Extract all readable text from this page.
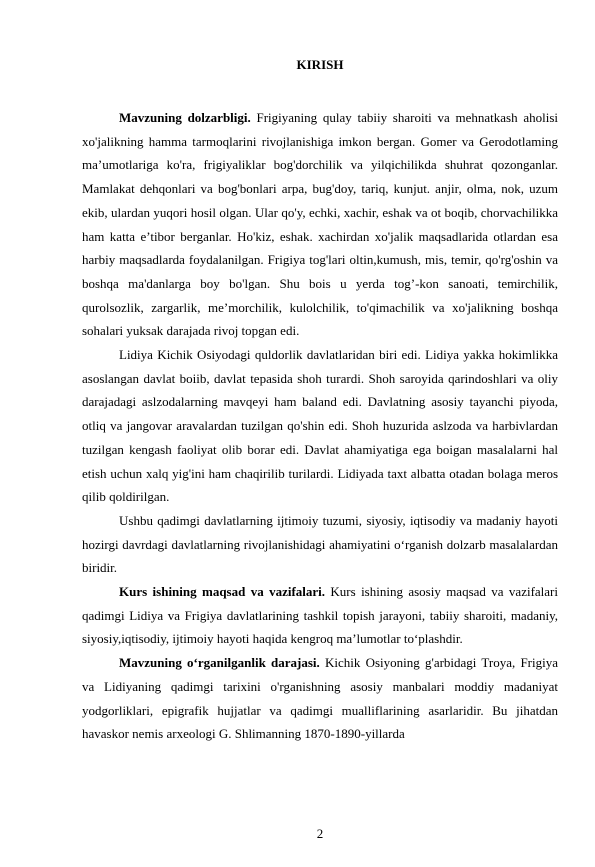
KIRISH

Mavzuning dolzarbligi. Frigiyaning qulay tabiiy sharoiti va mehnatkash aholisi xo'jalikning hamma tarmoqlarini rivojlanishiga imkon bergan. Gomer va Gerodotlaming ma’umotlariga ko'ra, frigiyaliklar bog'dorchilik va yilqichilikda shuhrat qozonganlar. Mamlakat dehqonlari va bog'bonlari arpa, bug'doy, tariq, kunjut. anjir, olma, nok, uzum ekib, ulardan yuqori hosil olgan. Ular qo'y, echki, xachir, eshak va ot boqib, chorvachilikka ham katta e’tibor berganlar. Ho'kiz, eshak. xachirdan xo'jalik maqsadlarida otlardan esa harbiy maqsadlarda foydalanilgan. Frigiya tog'lari oltin,kumush, mis, temir, qo'rg'oshin va boshqa ma'danlarga boy bo'lgan. Shu bois u yerda tog’-kon sanoati, temirchilik, qurolsozlik, zargarlik, me’morchilik, kulolchilik, to'qimachilik va xo'jalikning boshqa sohalari yuksak darajada rivoj topgan edi.

Lidiya Kichik Osiyodagi quldorlik davlatlaridan biri edi. Lidiya yakka hokimlikka asoslangan davlat boiib, davlat tepasida shoh turardi. Shoh saroyida qarindoshlari va oliy darajadagi aslzodalarning mavqeyi ham baland edi. Davlatning asosiy tayanchi piyoda, otliq va jangovar aravalardan tuzilgan qo'shin edi. Shoh huzurida aslzoda va harbivlardan tuzilgan kengash faoliyat olib borar edi. Davlat ahamiyatiga ega boigan masalalarni hal etish uchun xalq yig'ini ham chaqirilib turilardi. Lidiyada taxt albatta otadan bolaga meros qilib qoldirilgan.

Ushbu qadimgi davlatlarning ijtimoiy tuzumi, siyosiy, iqtisodiy va madaniy hayoti hozirgi davrdagi davlatlarning rivojlanishidagi ahamiyatini o‘rganish dolzarb masalalardan biridir.

Kurs ishining maqsad va vazifalari. Kurs ishining asosiy maqsad va vazifalari qadimgi Lidiya va Frigiya davlatlarining tashkil topish jarayoni, tabiiy sharoiti, madaniy, siyosiy,iqtisodiy, ijtimoiy hayoti haqida kengroq ma’lumotlar to‘plashdir.

Mavzuning o‘rganilganlik darajasi. Kichik Osiyoning g'arbidagi Troya, Frigiya va Lidiyaning qadimgi tarixini o'rganishning asosiy manbalari moddiy madaniyat yodgorliklari, epigrafik hujjatlar va qadimgi mualliflarining asarlaridir. Bu jihatdan havaskor nemis arxeologi G. Shlimanning 1870-1890-yillarda

2
